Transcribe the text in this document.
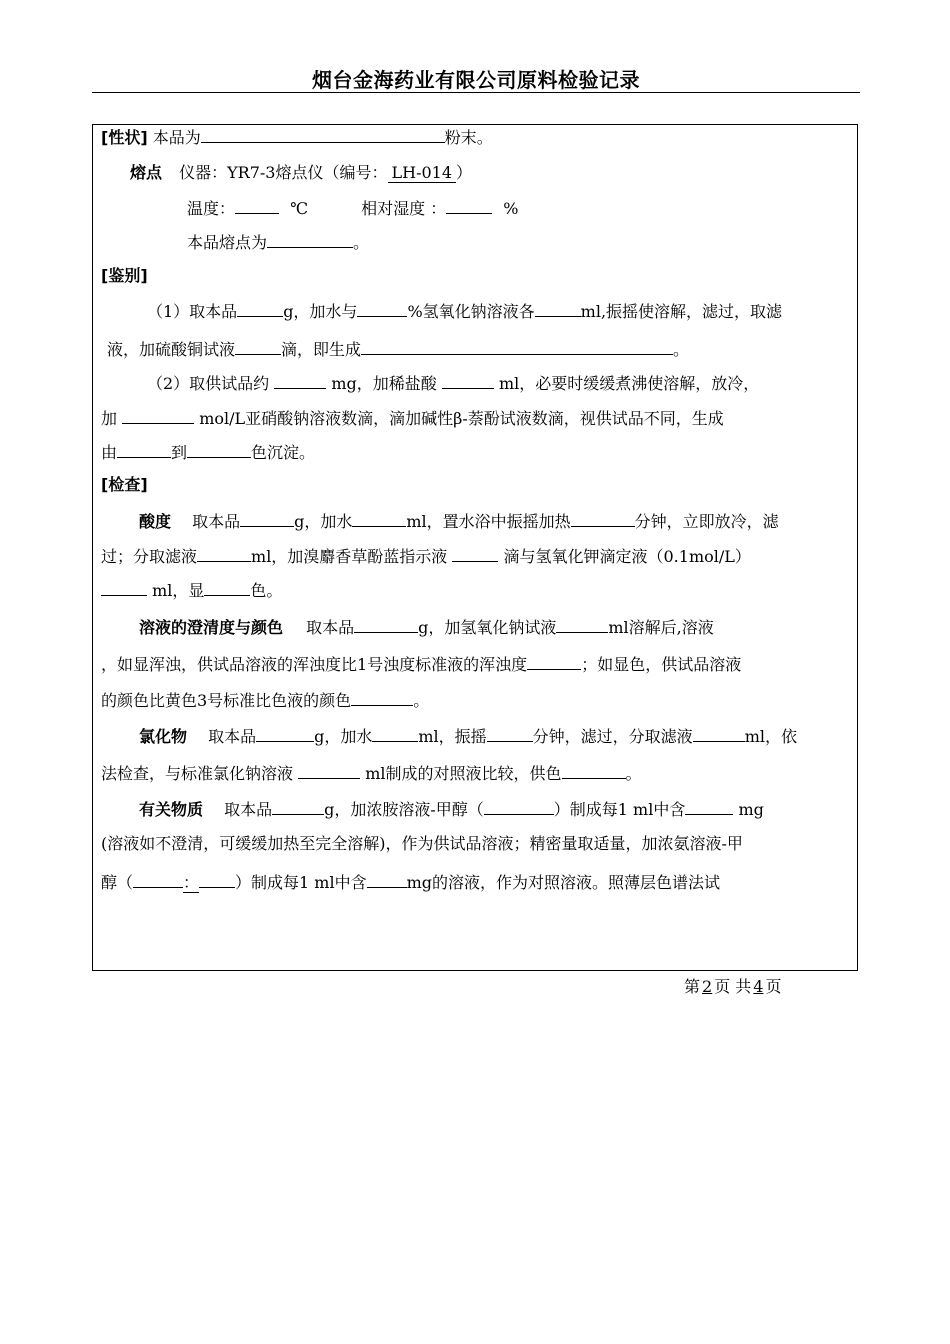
烟台金海药业有限公司原料检验记录
[性状] 本品为	粉末。
熔点 仪器：YR7-3熔点仪（编号： LH-014 ）
温度：	℃	相对湿度 ：	%
本品熔点为	。
[鉴别]
（1）取本品	g，加水与	%氢氧化钠溶液各	ml,振摇使溶解，滤过，取滤
液，加硫酸铜试液	滴，即生成	。
（2）取供试品约	mg，加稀盐酸	ml，必要时缓缓煮沸使溶解，放冷，
加	mol/L亚硝酸钠溶液数滴，滴加碱性β-萘酚试液数滴，视供试品不同，生成
由	到	色沉淀。
[检查]
酸度 取本品	g，加水	ml，置水浴中振摇加热	分钟，立即放冷，滤
过；分取滤液	ml，加溴麝香草酚蓝指示液	滴与氢氧化钾滴定液（0.1mol/L）
ml，显	色。
溶液的澄清度与颜色 取本品	g，加氢氧化钠试液	ml溶解后,溶液
，如显浑浊，供试品溶液的浑浊度比1号浊度标准液的浑浊度	；如显色，供试品溶液
的颜色比黄色3号标准比色液的颜色	。
氯化物 取本品	g，加水	ml，振摇	分钟，滤过，分取滤液	ml，依
法检查，与标准氯化钠溶液	ml制成的对照液比较，供色	。
有关物质 取本品	g，加浓胺溶液-甲醇（	）制成每1 ml中含	mg
(溶液如不澄清，可缓缓加热至完全溶解)，作为供试品溶液；精密量取适量，加浓氨溶液-甲
醇（	： ）制成每1 ml中含	mg的溶液，作为对照溶液。照薄层色谱法试
第 2 页 共 4 页
